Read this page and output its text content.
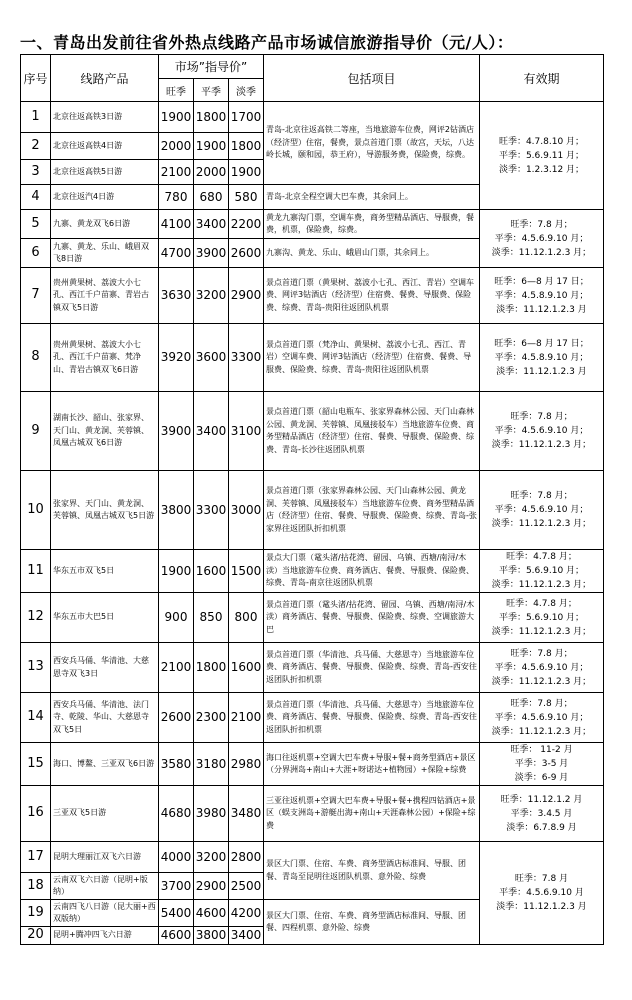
一、青岛出发前往省外热点线路产品市场诚信旅游指导价（元/人）：
序号	线路产品	市场”指导价”			包括项目	有效期
		旺季	平季	淡季		
1	北京往返高铁3日游	1900	1800	1700	青岛-北京往返高铁二等座，当地旅游车位费，网评2钻酒店（经济型）住宿，餐费，景点首道门票（故宫，天坛，八达岭长城，颐和园，恭王府），导游服务费，保险费，综费。	旺季：4.7.8.10 月；
平季：5.6.9.11 月；
淡季：1.2.3.12 月；

2	北京往返高铁4日游	2000	1900	1800		
3	北京往返高铁5日游	2100	2000	1900		
4	北京往返汽4日游	780	680	580	青岛-北京全程空调大巴车费，其余同上。	
5	九寨、黄龙双飞6日游	4100	3400	2200	黄龙九寨沟门票，空调车费，商务型精品酒店、导服费，餐费，机票，保险费，综费。	旺季：7.8 月；
平季：4.5.6.9.10 月；
淡季：11.12.1.2.3 月；

6	九寨、黄龙、乐山、峨眉双飞8日游	4700	3900	2600	九寨沟、黄龙、乐山、峨眉山门票，其余同上。	
7	贵州黄果树、荔波大小七孔、西江千户苗寨、青岩古镇双飞5日游	3630	3200	2900	景点首道门票（黄果树、荔波小七孔、西江、青岩）空调车费、网评3钻酒店（经济型）住宿费、餐费、导服费、保险费、综费、青岛-贵阳往返团队机票	旺季：6—8 月 17 日；
平季：4.5.8.9.10 月；
淡季：11.12.1.2.3 月

8	贵州黄果树、荔波大小七孔、西江千户苗寨、梵净山、青岩古镇双飞6日游	3920	3600	3300	景点首道门票（梵净山、黄果树、荔波小七孔、西江、青岩）空调车费、网评3钻酒店（经济型）住宿费、餐费、导服费、保险费、综费、青岛-贵阳往返团队机票	旺季：6—8 月 17 日；
平季：4.5.8.9.10 月；
淡季：11.12.1.2.3 月

9	湖南长沙、韶山、张家界、天门山、黄龙洞、芙蓉镇、凤凰古城双飞6日游	3900	3400	3100	景点首道门票（韶山电瓶车、张家界森林公园、天门山森林公园、黄龙洞、芙蓉镇、凤凰接驳车）当地旅游车位费、商务型精品酒店（经济型）住宿、餐费、导服费、保险费、综费、青岛-长沙往返团队机票	旺季：7.8 月；
平季：4.5.6.9.10 月；
淡季：11.12.1.2.3 月；

10	张家界、天门山、黄龙洞、芙蓉镇、凤凰古城双飞5日游	3800	3300	3000	景点首道门票（张家界森林公园、天门山森林公园、黄龙洞、芙蓉镇、凤凰接驳车）当地旅游车位费、商务型精品酒店（经济型）住宿、餐费、导服费、保险费、综费、青岛-张家界往返团队折扣机票	旺季：7.8 月；
平季：4.5.6.9.10 月；
淡季：11.12.1.2.3 月；

11	华东五市双飞5日	1900	1600	1500	景点大门票（鼋头渚/拈花湾、留园、乌镇、西塘/南浔/木渎）当地旅游车位费、商务酒店、餐费、导服费、保险费、综费、青岛-南京往返团队机票	旺季：4.7.8 月；
平季：5.6.9.10 月；
淡季：11.12.1.2.3 月；

12	华东五市大巴5日	900	850	800	景点首道门票（鼋头渚/拈花湾、留园、乌镇、西塘/南浔/木渎）商务酒店、餐费、导服费、保险费、综费、空调旅游大巴	旺季：4.7.8 月；
平季：5.6.9.10 月；
淡季：11.12.1.2.3 月；

13	西安兵马俑、华清池、大慈恩寺双飞3日	2100	1800	1600	景点首道门票（华清池、兵马俑、大慈恩寺）当地旅游车位费、商务酒店、餐费、导服费、保险费、综费、青岛-西安往返团队折扣机票	旺季：7.8 月；
平季：4.5.6.9.10 月；
淡季：11.12.1.2.3 月；

14	西安兵马俑、华清池、法门寺、乾陵、华山、大慈恩寺双飞5日	2600	2300	2100	景点首道门票（华清池、兵马俑、大慈恩寺）当地旅游车位费、商务酒店、餐费、导服费、保险费、综费、青岛-西安往返团队折扣机票	旺季：7.8 月；
平季：4.5.6.9.10 月；
淡季：11.12.1.2.3 月；

15	海口、博鳌、三亚双飞6日游	3580	3180	2980	海口往返机票+空调大巴车费+导服+餐+商务型酒店+景区（分界洲岛+南山+大涯+呀诺达+植物园）+保险+综费	旺季： 11-2 月
平季：3-5 月
淡季：6-9 月

16	三亚双飞5日游	4680	3980	3480	三亚往返机票+空调大巴车费+导服+餐+携程四钻酒店+景区（蜈支洲岛+游艇出海+南山+天涯森林公园）+保险+综费	旺季：11.12.1.2 月
平季：3.4.5 月
淡季：6.7.8.9 月

17	昆明大理丽江双飞六日游	4000	3200	2800	景区大门票、住宿、车费、商务型酒店标准间、导服、团餐、青岛至昆明往返团队机票、意外险、综费	旺季：7.8 月
平季：4.5.6.9.10 月
淡季：11.12.1.2.3 月

18	云南双飞六日游（昆明+版纳）	3700	2900	2500		
19	云南四飞八日游（昆大丽+西双版纳）	5400	4600	4200	景区大门票、住宿、车费、商务型酒店标准间、导服、团餐、四程机票、意外险、综费	
20	昆明+腾冲四飞六日游	4600	3800	3400		
